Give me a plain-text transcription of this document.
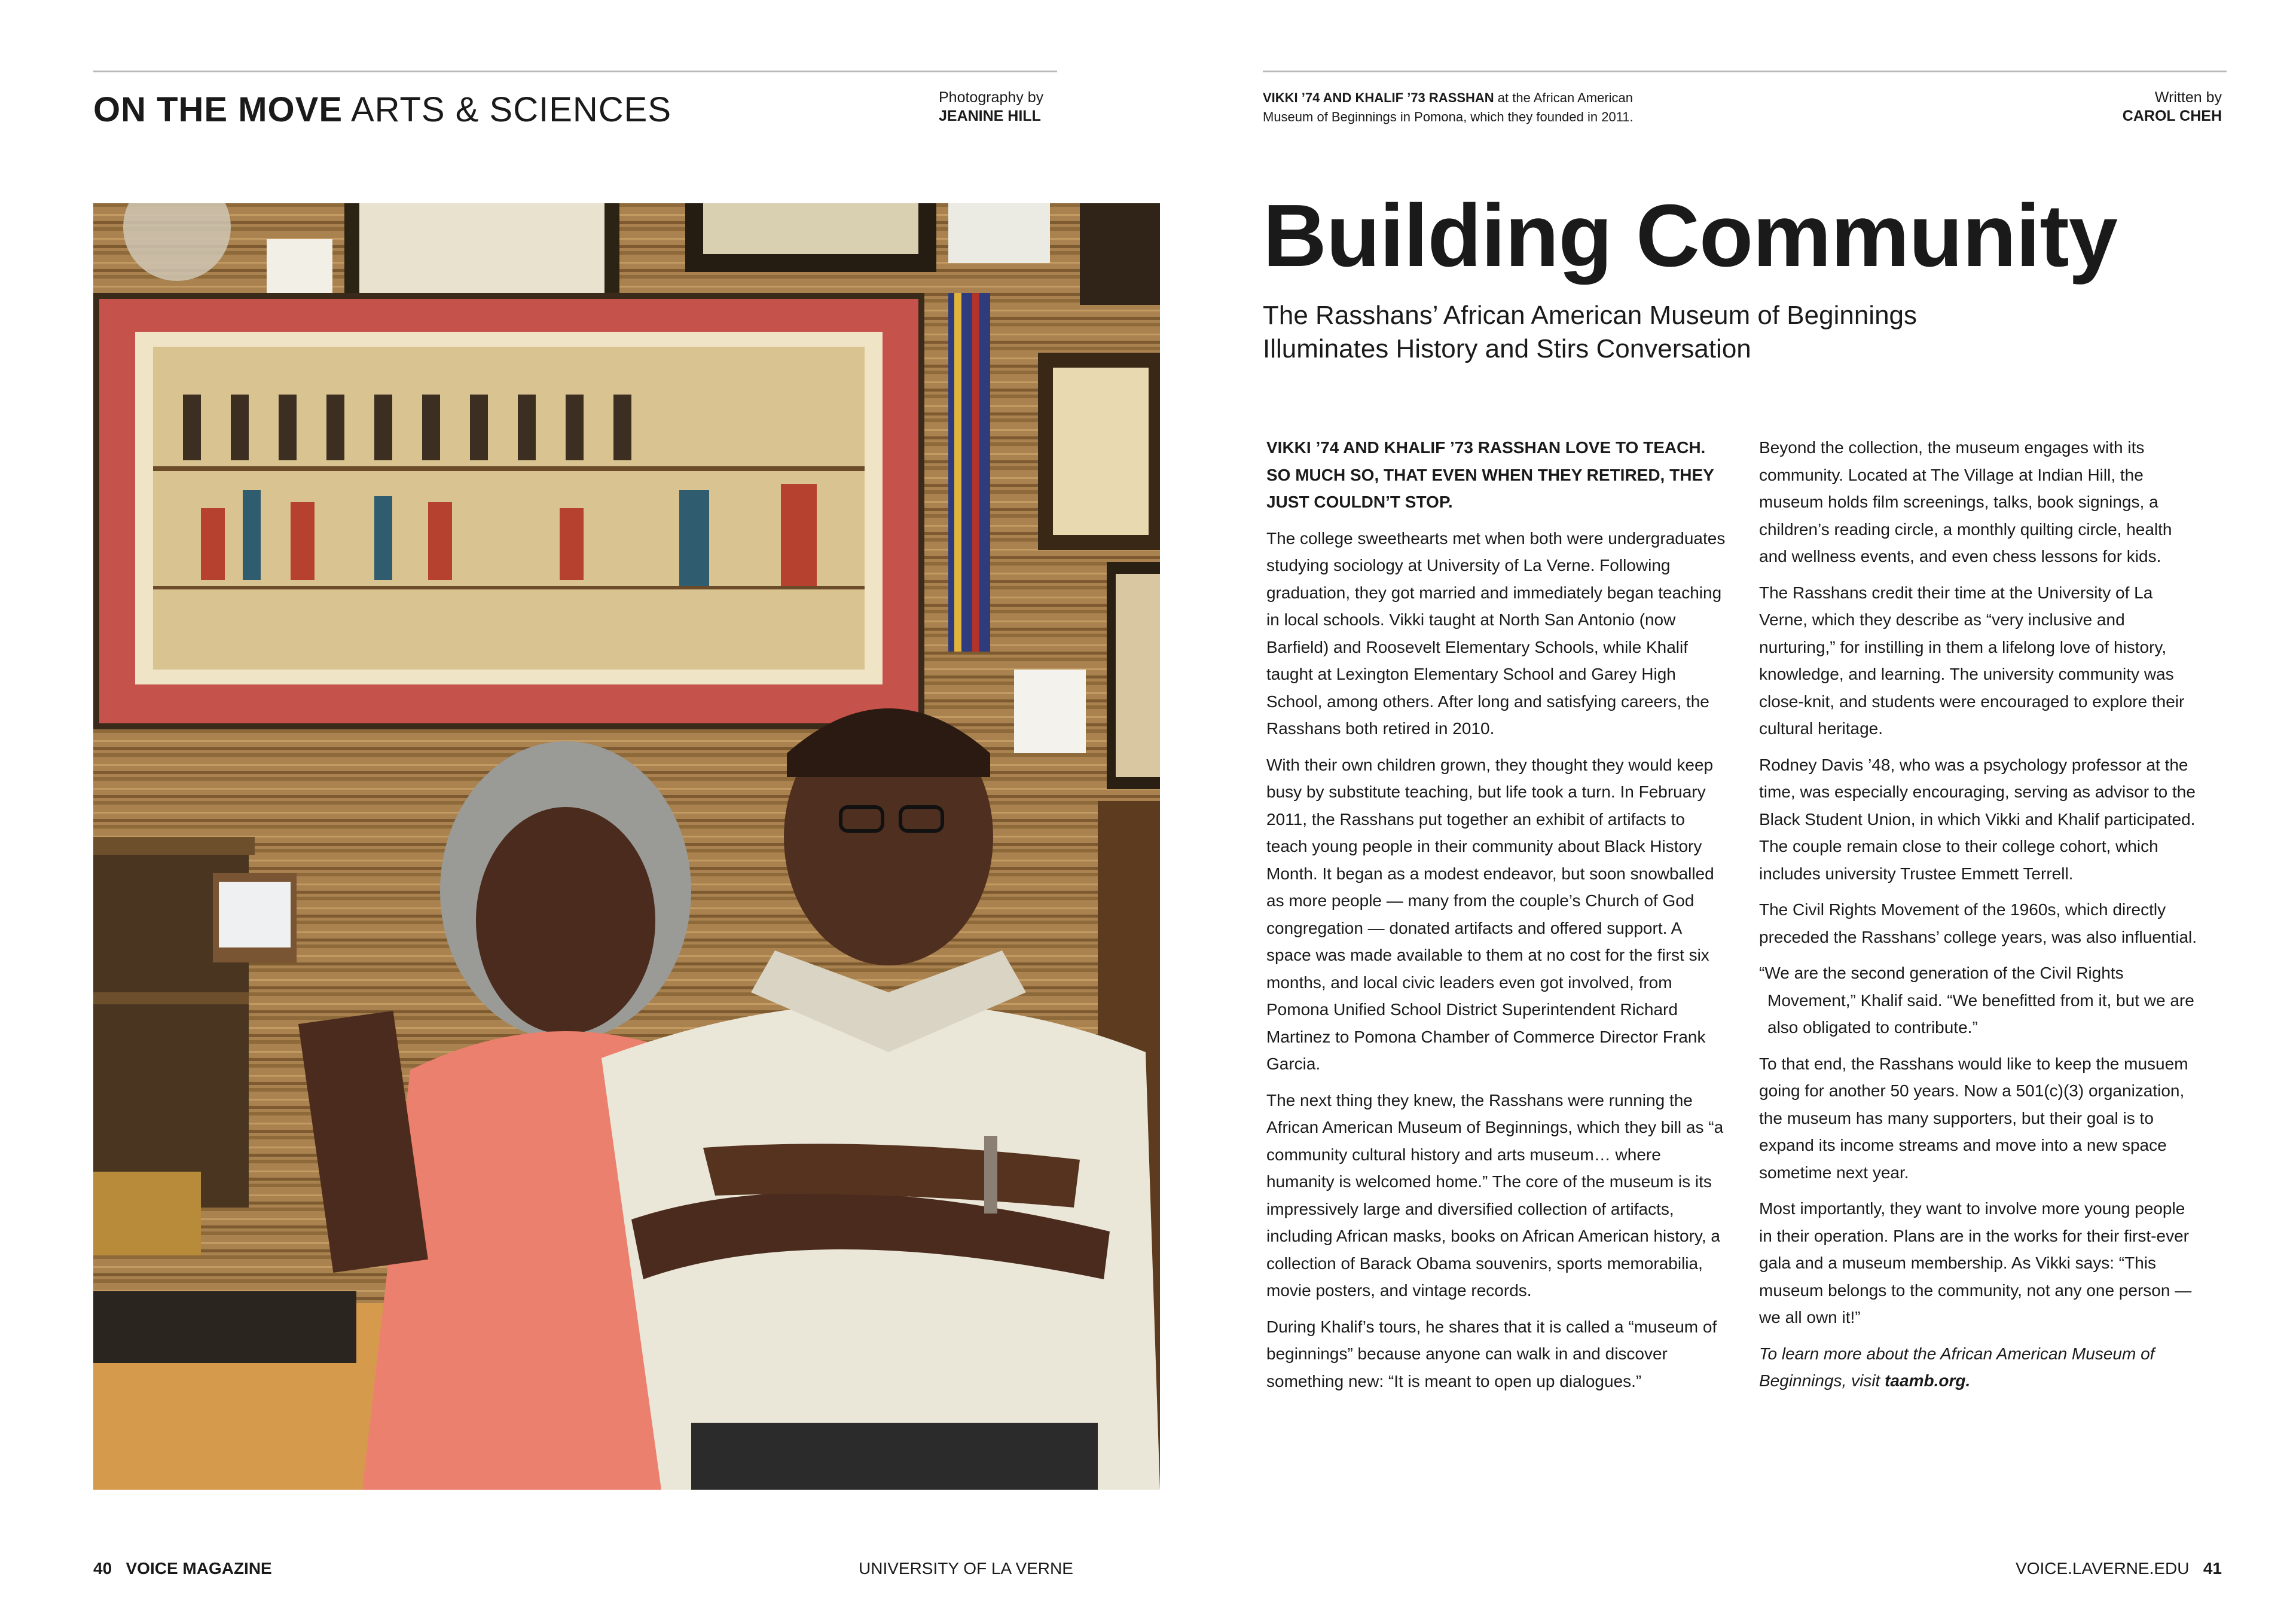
ON THE MOVE ARTS & SCIENCES	Photography by
JEANINE HILL
VIKKI ’74 AND KHALIF ’73 RASSHAN at the African American Museum of Beginnings in Pomona, which they founded in 2011.
Written by
CAROL CHEH
Building Community
The Rasshans’ African American Museum of Beginnings Illuminates History and Stirs Conversation

VIKKI ’74 AND KHALIF ’73 RASSHAN LOVE TO TEACH. SO MUCH SO, THAT EVEN WHEN THEY RETIRED, THEY JUST COULDN’T STOP.

The college sweethearts met when both were undergraduates studying sociology at University of La Verne. Following graduation, they got married and immediately began teaching in local schools. Vikki taught at North San Antonio (now Barfield) and Roosevelt Elementary Schools, while Khalif taught at Lexington Elementary School and Garey High School, among others. After long and satisfying careers, the Rasshans both retired in 2010.

With their own children grown, they thought they would keep busy by substitute teaching, but life took a turn. In February 2011, the Rasshans put together an exhibit of artifacts to teach young people in their community about Black History Month. It began as a modest endeavor, but soon snowballed as more people — many from the couple’s Church of God congregation — donated artifacts and offered support. A space was made available to them at no cost for the first six months, and local civic leaders even got involved, from Pomona Unified School District Superintendent Richard Martinez to Pomona Chamber of Commerce Director Frank Garcia.

The next thing they knew, the Rasshans were running the African American Museum of Beginnings, which they bill as “a community cultural history and arts museum… where humanity is welcomed home.” The core of the museum is its impressively large and diversified collection of artifacts, including African masks, books on African American history, a collection of Barack Obama souvenirs, sports memorabilia, movie posters, and vintage records.

During Khalif’s tours, he shares that it is called a “museum of beginnings” because anyone can walk in and discover something new: “It is meant to open up dialogues.”

Beyond the collection, the museum engages with its community. Located at The Village at Indian Hill, the museum holds film screenings, talks, book signings, a children’s reading circle, a monthly quilting circle, health and wellness events, and even chess lessons for kids.

The Rasshans credit their time at the University of La Verne, which they describe as “very inclusive and nurturing,” for instilling in them a lifelong love of history, knowledge, and learning. The university community was close-knit, and students were encouraged to explore their cultural heritage.

Rodney Davis ’48, who was a psychology professor at the time, was especially encouraging, serving as advisor to the Black Student Union, in which Vikki and Khalif participated. The couple remain close to their college cohort, which includes university Trustee Emmett Terrell.

The Civil Rights Movement of the 1960s, which directly preceded the Rasshans’ college years, was also influential.

“We are the second generation of the Civil Rights Movement,” Khalif said. “We benefitted from it, but we are also obligated to contribute.”

To that end, the Rasshans would like to keep the musuem going for another 50 years. Now a 501(c)(3) organization, the museum has many supporters, but their goal is to expand its income streams and move into a new space sometime next year.

Most importantly, they want to involve more young people in their operation. Plans are in the works for their first-ever gala and a museum membership. As Vikki says: “This museum belongs to the community, not any one person — we all own it!”

To learn more about the African American Museum of Beginnings, visit taamb.org.

40 VOICE MAGAZINE	UNIVERSITY OF LA VERNE	VOICE.LAVERNE.EDU 41
